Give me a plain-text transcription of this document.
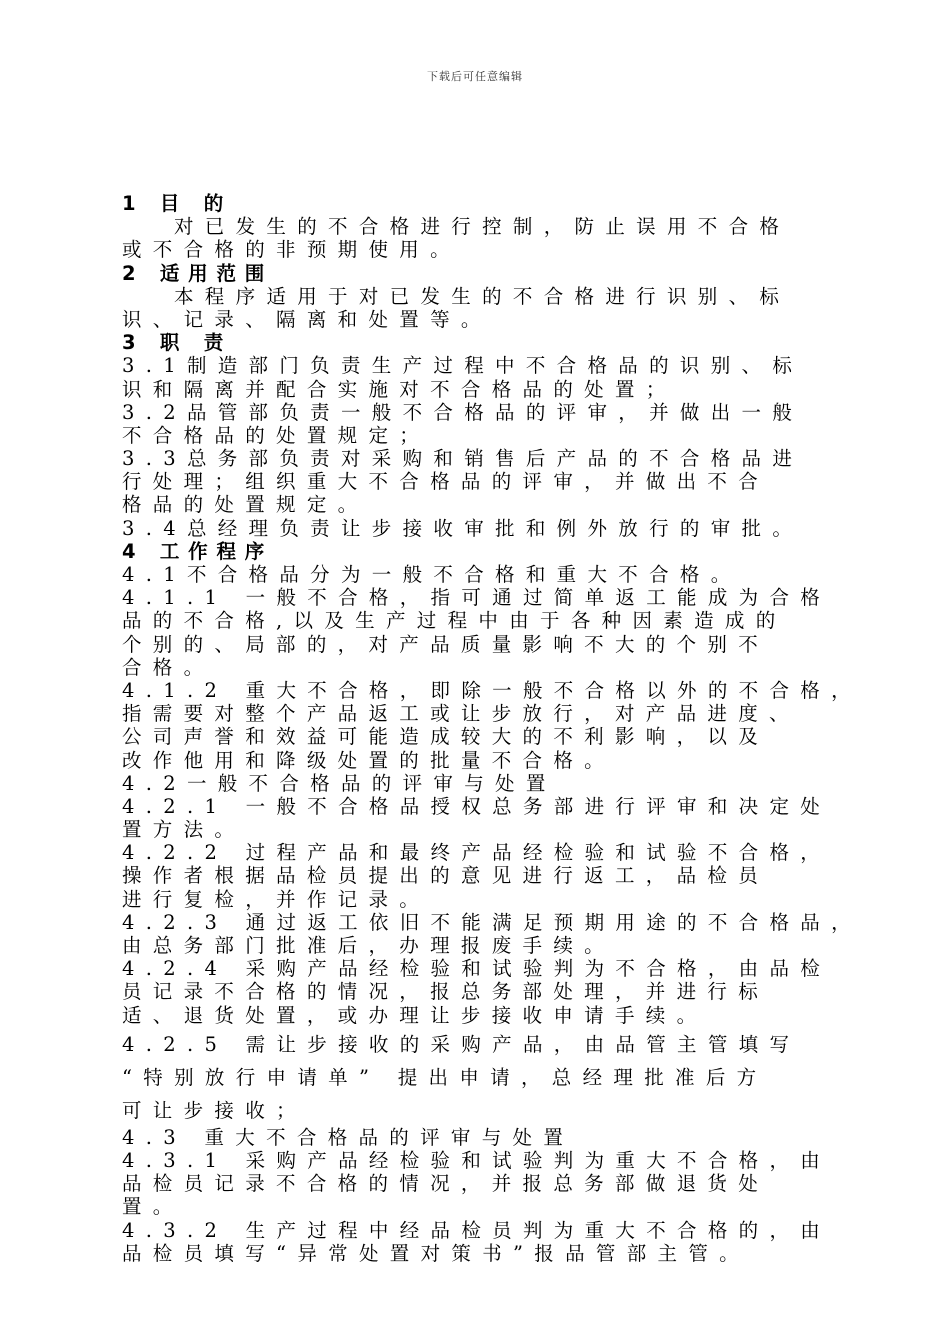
下载后可任意编辑
1 目 的
对已发生的不合格进行控制，防止误用不合格
或不合格的非预期使用。
2 适用范围
本程序适用于对已发生的不合格进行识别、标
识、记录、隔离和处置等。
3 职 责
3.1制造部门负责生产过程中不合格品的识别、标
识和隔离并配合实施对不合格品的处置；
3.2品管部负责一般不合格品的评审，并做出一般
不合格品的处置规定；
3.3总务部负责对采购和销售后产品的不合格品进
行处理；组织重大不合格品的评审，并做出不合
格品的处置规定。
3.4总经理负责让步接收审批和例外放行的审批。
4 工作程序
4.1不合格品分为一般不合格和重大不合格。
4.1.1 一般不合格，指可通过简单返工能成为合格
品的不合格,以及生产过程中由于各种因素造成的
个别的、局部的，对产品质量影响不大的个别不
合格。
4.1.2 重大不合格，即除一般不合格以外的不合格，
指需要对整个产品返工或让步放行，对产品进度、
公司声誉和效益可能造成较大的不利影响，以及
改作他用和降级处置的批量不合格。
4.2一般不合格品的评审与处置
4.2.1 一般不合格品授权总务部进行评审和决定处
置方法。
4.2.2 过程产品和最终产品经检验和试验不合格，
操作者根据品检员提出的意见进行返工，品检员
进行复检，并作记录。
4.2.3 通过返工依旧不能满足预期用途的不合格品，
由总务部门批准后，办理报废手续。
4.2.4 采购产品经检验和试验判为不合格，由品检
员记录不合格的情况，报总务部处理，并进行标
适、退货处置，或办理让步接收申请手续。
4.2.5 需让步接收的采购产品，由品管主管填写
“特别放行申请单” 提出申请，总经理批准后方
可让步接收；
4.3 重大不合格品的评审与处置
4.3.1 采购产品经检验和试验判为重大不合格，由
品检员记录不合格的情况，并报总务部做退货处
置。
4.3.2 生产过程中经品检员判为重大不合格的，由
品检员填写“异常处置对策书”报品管部主管。
